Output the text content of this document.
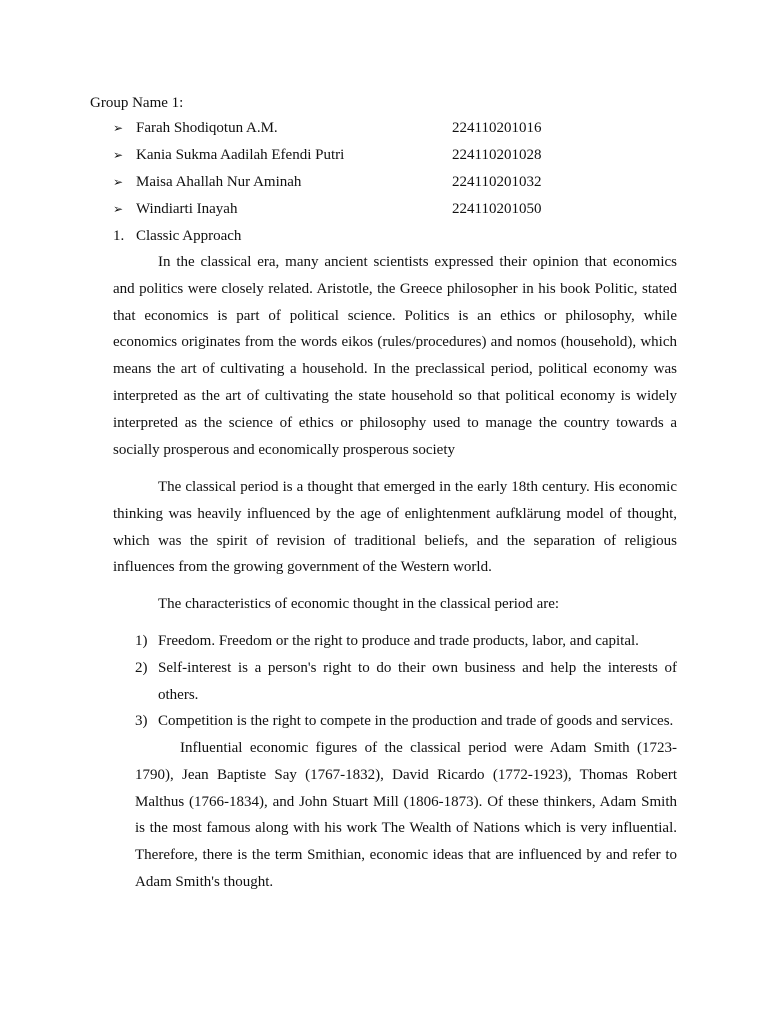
Group Name 1:
➢ Farah Shodiqotun A.M.	224110201016
➢ Kania Sukma Aadilah Efendi Putri	224110201028
➢ Maisa Ahallah Nur Aminah	224110201032
➢ Windiarti Inayah	224110201050
1. Classic Approach

In the classical era, many ancient scientists expressed their opinion that economics and politics were closely related. Aristotle, the Greece philosopher in his book Politic, stated that economics is part of political science. Politics is an ethics or philosophy, while economics originates from the words eikos (rules/procedures) and nomos (household), which means the art of cultivating a household. In the preclassical period, political economy was interpreted as the art of cultivating the state household so that political economy is widely interpreted as the science of ethics or philosophy used to manage the country towards a socially prosperous and economically prosperous society

The classical period is a thought that emerged in the early 18th century. His economic thinking was heavily influenced by the age of enlightenment aufklärung model of thought, which was the spirit of revision of traditional beliefs, and the separation of religious influences from the growing government of the Western world.

The characteristics of economic thought in the classical period are:

1) Freedom. Freedom or the right to produce and trade products, labor, and capital.
2) Self-interest is a person's right to do their own business and help the interests of others.
3) Competition is the right to compete in the production and trade of goods and services.

Influential economic figures of the classical period were Adam Smith (1723-1790), Jean Baptiste Say (1767-1832), David Ricardo (1772-1923), Thomas Robert Malthus (1766-1834), and John Stuart Mill (1806-1873). Of these thinkers, Adam Smith is the most famous along with his work The Wealth of Nations which is very influential. Therefore, there is the term Smithian, economic ideas that are influenced by and refer to Adam Smith's thought.
